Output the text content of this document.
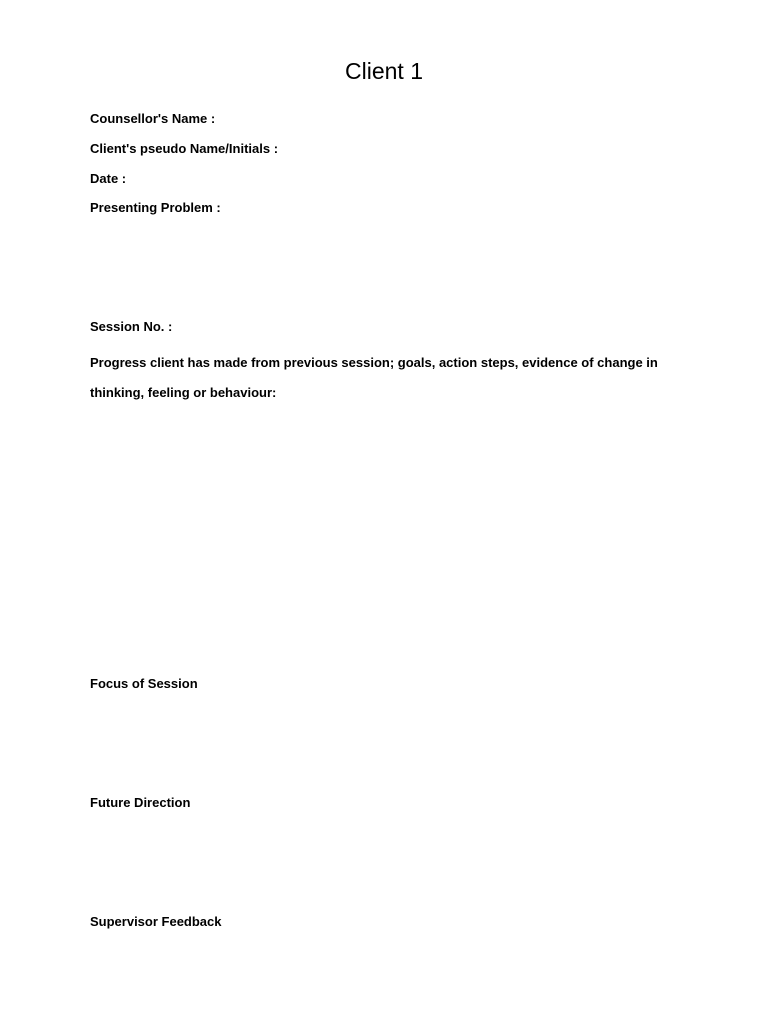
Client 1

Counsellor's Name :

Client's pseudo Name/Initials :

Date :

Presenting Problem :

Session No. :

Progress client has made from previous session; goals, action steps, evidence of change in thinking, feeling or behaviour:

Focus of Session

Future Direction

Supervisor Feedback
